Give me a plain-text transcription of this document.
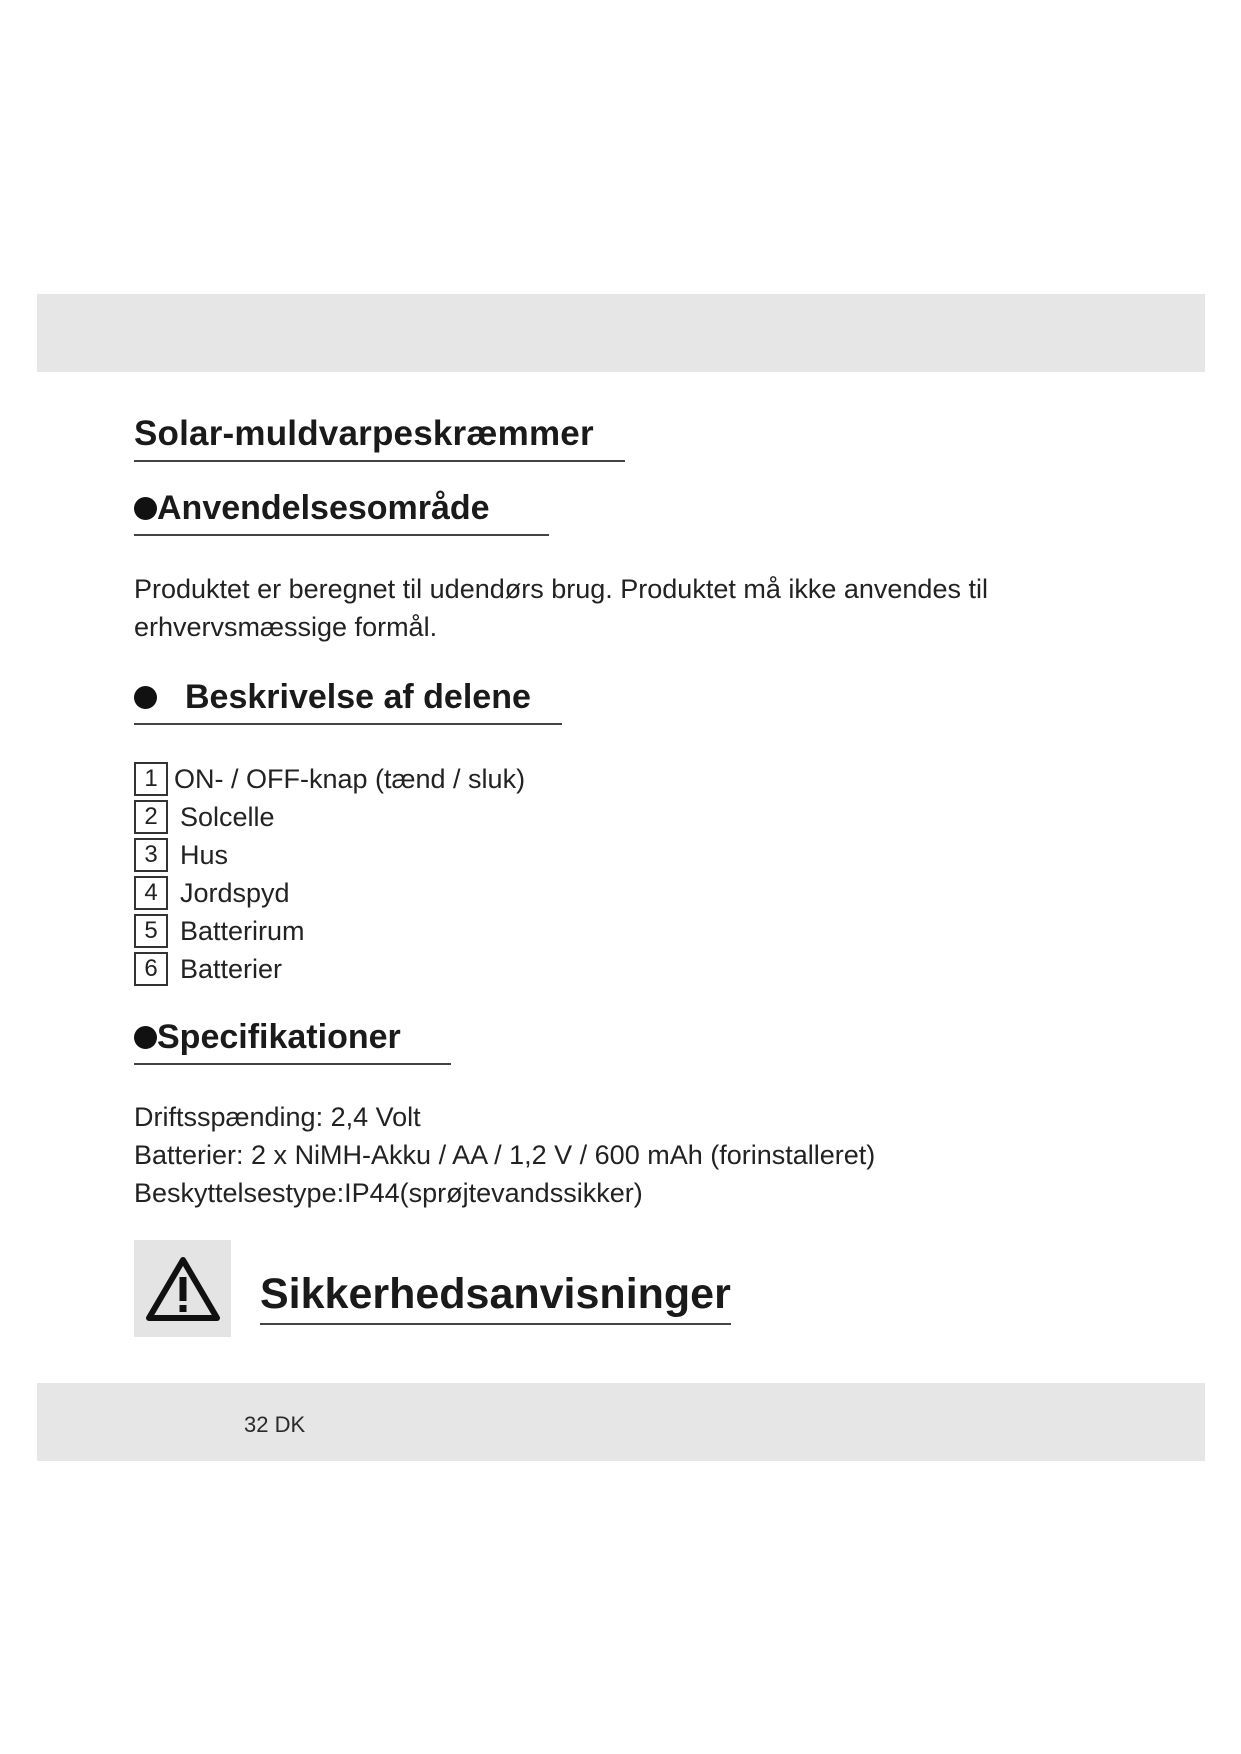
Solar-muldvarpeskræmmer
Anvendelsesområde
Produktet er beregnet til udendørs brug. Produktet må ikke anvendes til erhvervsmæssige formål.
Beskrivelse af delene
1 ON- / OFF-knap (tænd / sluk)
2 Solcelle
3 Hus
4 Jordspyd
5 Batterirum
6 Batterier
Specifikationer
Driftsspænding: 2,4 Volt
Batterier: 2 x NiMH-Akku / AA / 1,2 V / 600 mAh (forinstalleret)
Beskyttelsestype:IP44(sprøjtevandssikker)
Sikkerhedsanvisninger
32 DK
